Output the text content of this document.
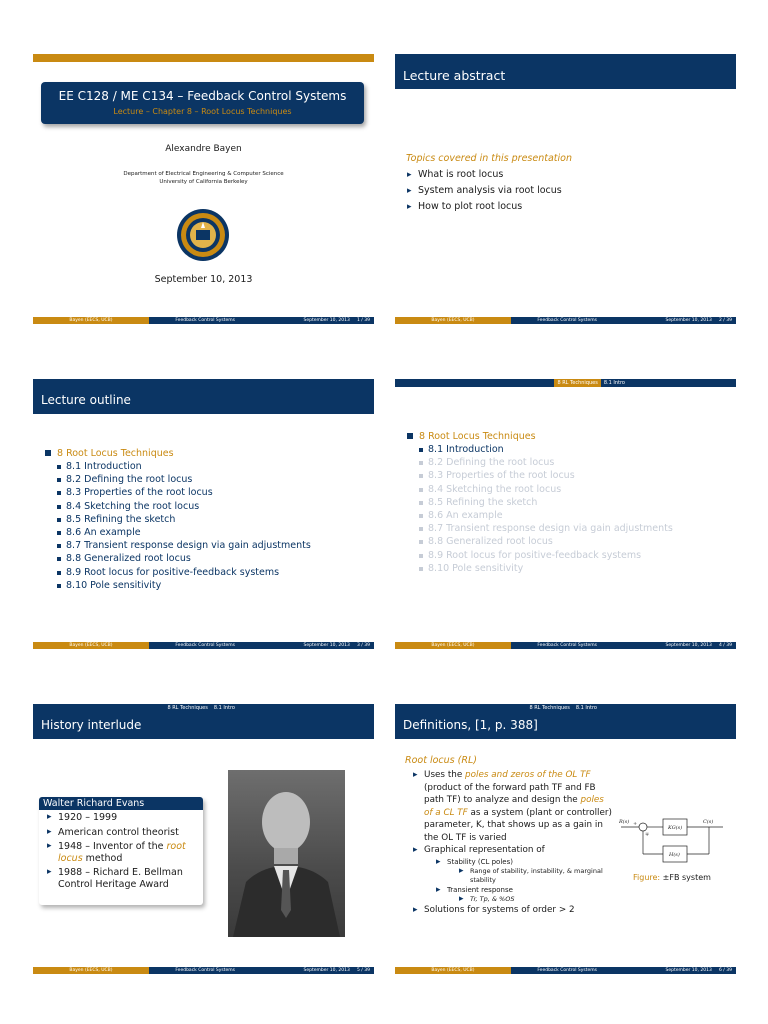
EE C128 / ME C134 – Feedback Control Systems
Lecture – Chapter 8 – Root Locus Techniques
Alexandre Bayen
Department of Electrical Engineering & Computer Science
University of California Berkeley
September 10, 2013
Bayen (EECS, UCB)	Feedback Control Systems	September 10, 2013 1 / 39
Lecture abstract
Topics covered in this presentation
▸ What is root locus
▸ System analysis via root locus
▸ How to plot root locus
Bayen (EECS, UCB)	Feedback Control Systems	September 10, 2013 2 / 39
Lecture outline
8 Root Locus Techniques
8.1 Introduction
8.2 Defining the root locus
8.3 Properties of the root locus
8.4 Sketching the root locus
8.5 Refining the sketch
8.6 An example
8.7 Transient response design via gain adjustments
8.8 Generalized root locus
8.9 Root locus for positive-feedback systems
8.10 Pole sensitivity
Bayen (EECS, UCB)	Feedback Control Systems	September 10, 2013 3 / 39
8 RL Techniques	8.1 Intro
8 Root Locus Techniques
8.1 Introduction
8.2 Defining the root locus
8.3 Properties of the root locus
8.4 Sketching the root locus
8.5 Refining the sketch
8.6 An example
8.7 Transient response design via gain adjustments
8.8 Generalized root locus
8.9 Root locus for positive-feedback systems
8.10 Pole sensitivity
Bayen (EECS, UCB)	Feedback Control Systems	September 10, 2013 4 / 39
8 RL Techniques	8.1 Intro
History interlude
Walter Richard Evans
▸ 1920 – 1999
▸ American control theorist
▸ 1948 – Inventor of the root locus method
▸ 1988 – Richard E. Bellman Control Heritage Award
Bayen (EECS, UCB)	Feedback Control Systems	September 10, 2013 5 / 39
8 RL Techniques	8.1 Intro
Definitions, [1, p. 388]
Root locus (RL)
▸ Uses the poles and zeros of the OL TF (product of the forward path TF and FB path TF) to analyze and design the poles of a CL TF as a system (plant or controller) parameter, K, that shows up as a gain in the OL TF is varied
▸ Graphical representation of
▸ Stability (CL poles)
▸ Range of stability, instability, & marginal stability
▸ Transient response
▸ Tr, Tp, & %OS
▸ Solutions for systems of order > 2
R(s)
KG(s)
C(s)
H(s)
+
∓
Figure: ±FB system
Bayen (EECS, UCB)	Feedback Control Systems	September 10, 2013 6 / 39
